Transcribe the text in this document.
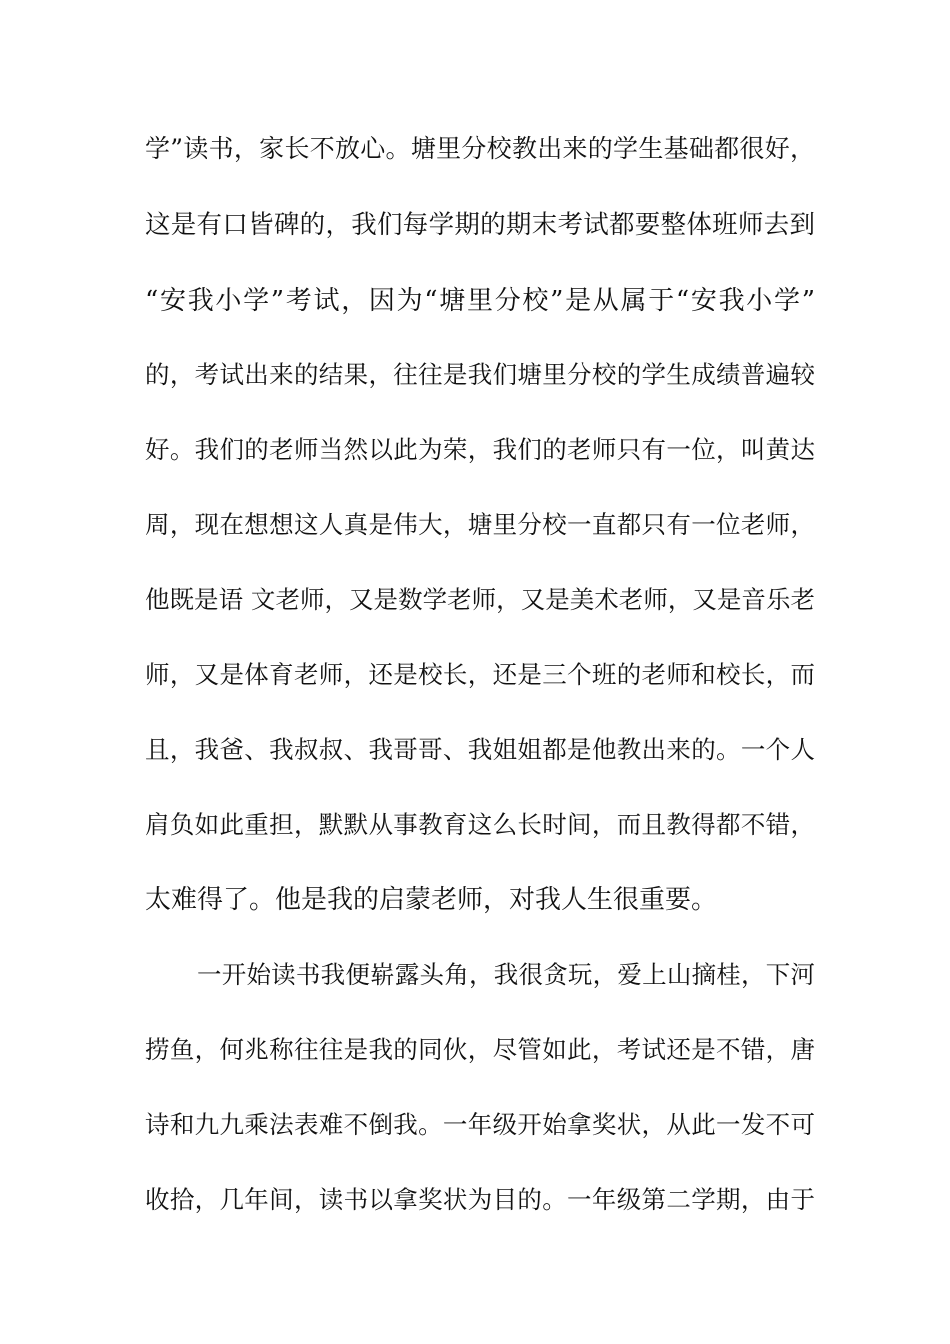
学”读书，家长不放心。塘里分校教出来的学生基础都很好，
这是有口皆碑的，我们每学期的期末考试都要整体班师去到
“安我小学”考试，因为“塘里分校”是从属于“安我小学”
的，考试出来的结果，往往是我们塘里分校的学生成绩普遍较
好。我们的老师当然以此为荣，我们的老师只有一位，叫黄达
周，现在想想这人真是伟大，塘里分校一直都只有一位老师，
他既是语 文老师，又是数学老师，又是美术老师，又是音乐老
师，又是体育老师，还是校长，还是三个班的老师和校长，而
且，我爸、我叔叔、我哥哥、我姐姐都是他教出来的。一个人
肩负如此重担，默默从事教育这么长时间，而且教得都不错，
太难得了。他是我的启蒙老师，对我人生很重要。
一开始读书我便崭露头角，我很贪玩，爱上山摘桂，下河
捞鱼，何兆称往往是我的同伙，尽管如此，考试还是不错，唐
诗和九九乘法表难不倒我。一年级开始拿奖状，从此一发不可
收拾，几年间，读书以拿奖状为目的。一年级第二学期，由于
